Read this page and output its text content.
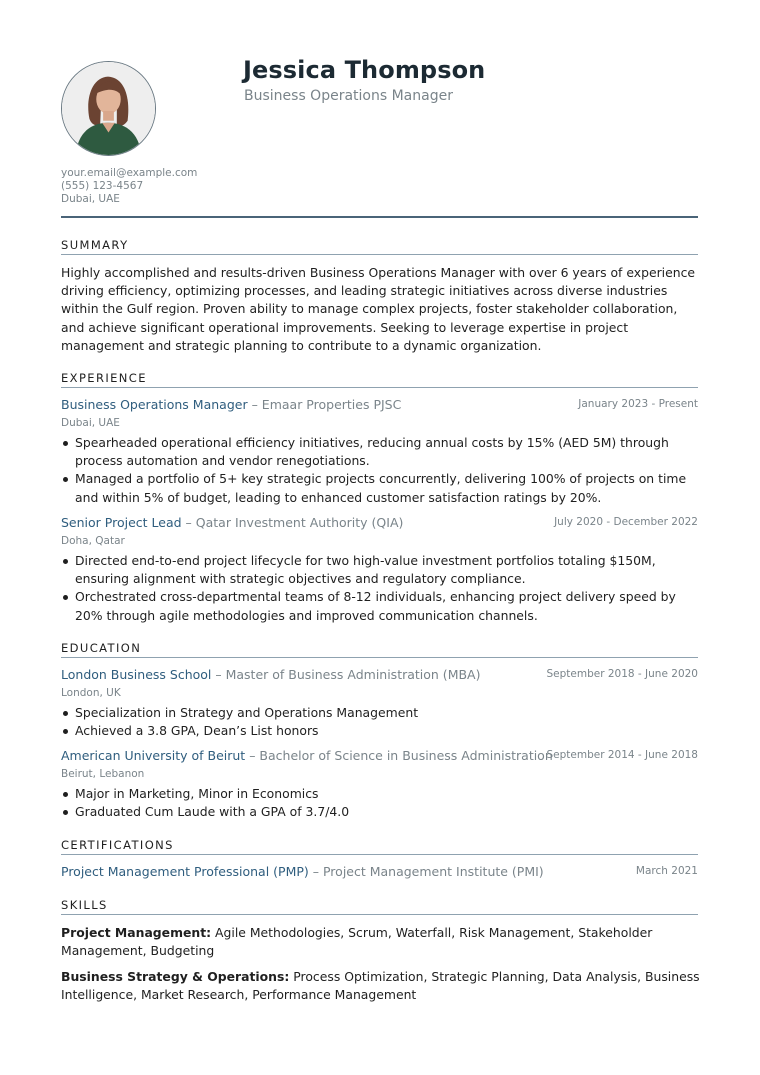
Jessica Thompson
Business Operations Manager
your.email@example.com
(555) 123-4567
Dubai, UAE
SUMMARY
Highly accomplished and results-driven Business Operations Manager with over 6 years of experience driving efficiency, optimizing processes, and leading strategic initiatives across diverse industries within the Gulf region. Proven ability to manage complex projects, foster stakeholder collaboration, and achieve significant operational improvements. Seeking to leverage expertise in project management and strategic planning to contribute to a dynamic organization.
EXPERIENCE
Business Operations Manager – Emaar Properties PJSC	January 2023 - Present
Dubai, UAE
Spearheaded operational efficiency initiatives, reducing annual costs by 15% (AED 5M) through process automation and vendor renegotiations.
Managed a portfolio of 5+ key strategic projects concurrently, delivering 100% of projects on time and within 5% of budget, leading to enhanced customer satisfaction ratings by 20%.
Senior Project Lead – Qatar Investment Authority (QIA)	July 2020 - December 2022
Doha, Qatar
Directed end-to-end project lifecycle for two high-value investment portfolios totaling $150M, ensuring alignment with strategic objectives and regulatory compliance.
Orchestrated cross-departmental teams of 8-12 individuals, enhancing project delivery speed by 20% through agile methodologies and improved communication channels.
EDUCATION
London Business School – Master of Business Administration (MBA)	September 2018 - June 2020
London, UK
Specialization in Strategy and Operations Management
Achieved a 3.8 GPA, Dean’s List honors
American University of Beirut – Bachelor of Science in Business Administration
September 2014 - June 2018
Beirut, Lebanon
Major in Marketing, Minor in Economics
Graduated Cum Laude with a GPA of 3.7/4.0
CERTIFICATIONS
Project Management Professional (PMP) – Project Management Institute (PMI)	March 2021
SKILLS
Project Management: Agile Methodologies, Scrum, Waterfall, Risk Management, Stakeholder Management, Budgeting
Business Strategy & Operations: Process Optimization, Strategic Planning, Data Analysis, Business Intelligence, Market Research, Performance Management
